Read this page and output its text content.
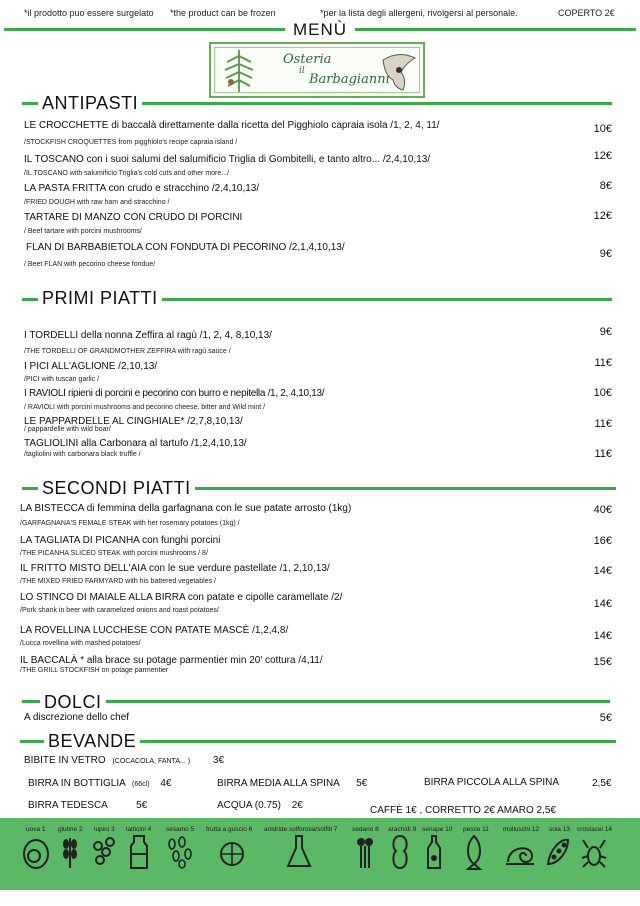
*il prodotto puo essere surgelato *the product can be frozen	*per la lista degli allergeni, rivolgersi al personale.	COPERTO 2€
MENÙ
Osteria
il
Barbagianni
ANTIPASTI
LE CROCCHETTE di baccalà direttamente dalla ricetta del Pigghiolo capraia isola /1, 2, 4, 11/
/STOCKFISH CROQUETTES from pigghiolo's recipe capraia island /
10€
IL TOSCANO con i suoi salumi del salumificio Triglia di Gombitelli, e tanto altro... /2,4,10,13/
/IL TOSCANO with salumificio Triglia's cold cuts and other more.../
12€
LA PASTA FRITTA con crudo e stracchino /2,4,10,13/
/FRIED DOUGH with raw ham and stracchino /
8€
TARTARE DI MANZO CON CRUDO DI PORCINI
/ Beef tartare with porcini mushrooms/
12€
FLAN DI BARBABIETOLA CON FONDUTA DI PECORINO /2,1,4,10,13/
/ Beet FLAN with pecorino cheese fondue/
9€
PRIMI PIATTI
I TORDELLI della nonna Zeffira al ragù /1, 2, 4, 8,10,13/
/THE TORDELLI OF GRANDMOTHER ZEFFIRA with ragù sauce /
9€
I PICI ALL'AGLIONE /2,10,13/
/PICI with tuscan garlic /
11€
I RAVIOLI ripieni di porcini e pecorino con burro e nepitella /1, 2, 4,10,13/
/ RAVIOLI with porcini mushrooms and pecorino cheese, bitter and Wild mint /
10€
LE PAPPARDELLE AL CINGHIALE* /2,7,8,10,13/
/ pappardelle with wild boar/	11€
TAGLIOLINI alla Carbonara al tartufo /1,2,4,10,13/
/tagliolini with carbonara black truffle /	11€
SECONDI PIATTI
LA BISTECCA di femmina della garfagnana con le sue patate arrosto (1kg)
/GARFAGNANA'S FEMALE STEAK with her rosemary potatoes (1kg) /
40€
LA TAGLIATA DI PICANHA con funghi porcini
/THE PICANHA SLICED STEAK with porcini mushrooms / 8/
16€
IL FRITTO MISTO DELL'AIA con le sue verdure pastellate /1, 2,10,13/
/THE MIXED FRIED FARMYARD with his battered vegetables /
14€
LO STINCO DI MAIALE ALLA BIRRA con patate e cipolle caramellate /2/
/Pork shank in beer with caramelized onions and roast potatoes/
14€
LA ROVELLINA LUCCHESE CON PATATE MASCÈ /1,2,4,8/
/Lucca rovellina with mashed potatoes/
14€
IL BACCALÀ * alla brace su potage parmentier min 20' cottura /4,11/
/THE GRILL STOCKFISH on potage parmentier
15€
DOLCI
A discrezione dello chef	5€
BEVANDE
BIBITE IN VETRO (COCACOLA, FANTA... ) 3€
BIRRA IN BOTTIGLIA (66cl) 4€	BIRRA MEDIA ALLA SPINA 5€	BIRRA PICCOLA ALLA SPINA	2,5€
BIRRA TEDESCA	5€	ACQUA (0.75) 2€	CAFFÈ 1€ , CORRETTO 2€ AMARO 2,5€
uova 1 glutine 2 lupini 3 latticini 4 sesamo 5 frutta a guscio 6 anidride solforosa/solfiti 7 sedano 8 arachidi 9 senape 10 pesce 11 molluschi 12 soia 13 crostacei 14
